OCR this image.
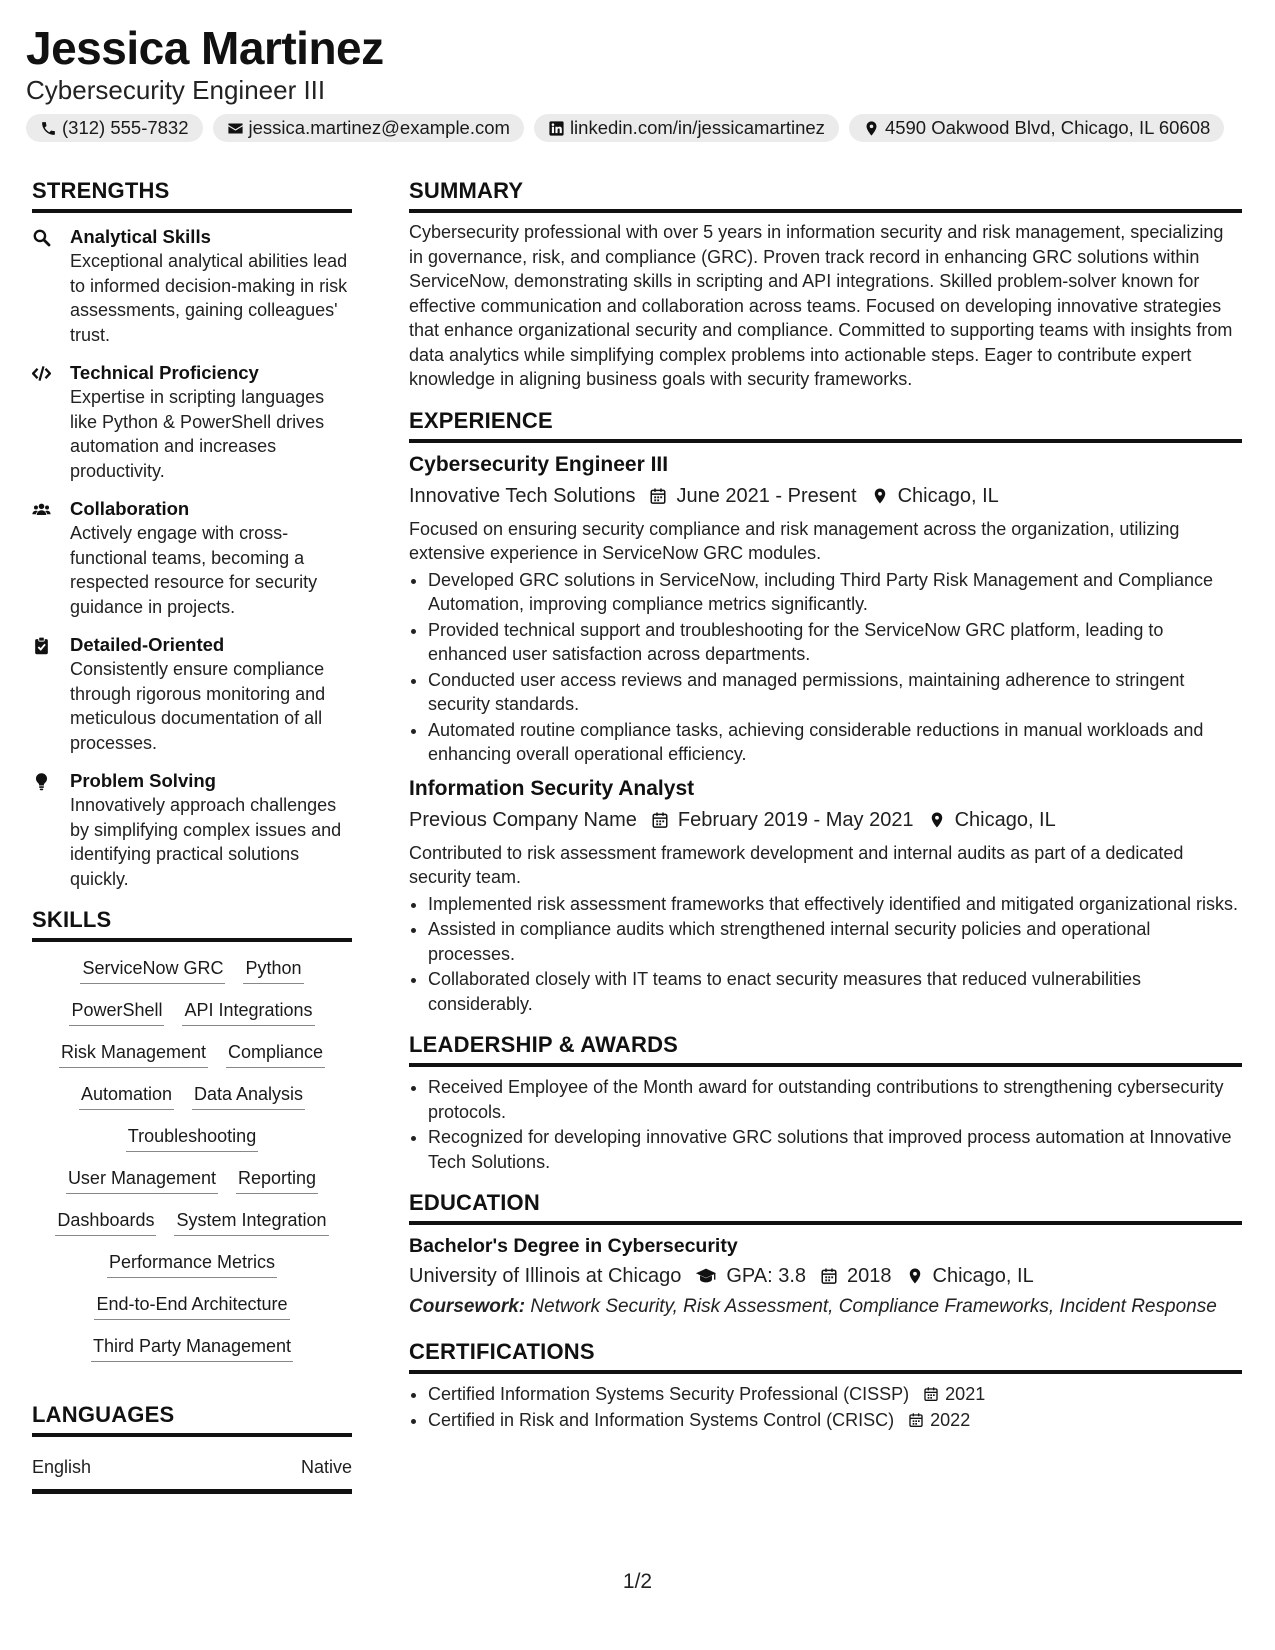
Jessica Martinez
Cybersecurity Engineer III
(312) 555-7832	jessica.martinez@example.com	linkedin.com/in/jessicamartinez	4590 Oakwood Blvd, Chicago, IL 60608
STRENGTHS
Analytical Skills
Exceptional analytical abilities lead to informed decision-making in risk assessments, gaining colleagues' trust.
Technical Proficiency
Expertise in scripting languages like Python & PowerShell drives automation and increases productivity.
Collaboration
Actively engage with cross-functional teams, becoming a respected resource for security guidance in projects.
Detailed-Oriented
Consistently ensure compliance through rigorous monitoring and meticulous documentation of all processes.
Problem Solving
Innovatively approach challenges by simplifying complex issues and identifying practical solutions quickly.
SKILLS
ServiceNow GRC Python
PowerShell API Integrations
Risk Management Compliance
Automation Data Analysis
Troubleshooting
User Management Reporting
Dashboards System Integration
Performance Metrics
End-to-End Architecture
Third Party Management
LANGUAGES
English	Native
SUMMARY
Cybersecurity professional with over 5 years in information security and risk management, specializing in governance, risk, and compliance (GRC). Proven track record in enhancing GRC solutions within ServiceNow, demonstrating skills in scripting and API integrations. Skilled problem-solver known for effective communication and collaboration across teams. Focused on developing innovative strategies that enhance organizational security and compliance. Committed to supporting teams with insights from data analytics while simplifying complex problems into actionable steps. Eager to contribute expert knowledge in aligning business goals with security frameworks.
EXPERIENCE
Cybersecurity Engineer III
Innovative Tech Solutions June 2021 - Present Chicago, IL
Focused on ensuring security compliance and risk management across the organization, utilizing extensive experience in ServiceNow GRC modules.
• Developed GRC solutions in ServiceNow, including Third Party Risk Management and Compliance Automation, improving compliance metrics significantly.
• Provided technical support and troubleshooting for the ServiceNow GRC platform, leading to enhanced user satisfaction across departments.
• Conducted user access reviews and managed permissions, maintaining adherence to stringent security standards.
• Automated routine compliance tasks, achieving considerable reductions in manual workloads and enhancing overall operational efficiency.
Information Security Analyst
Previous Company Name February 2019 - May 2021 Chicago, IL
Contributed to risk assessment framework development and internal audits as part of a dedicated security team.
• Implemented risk assessment frameworks that effectively identified and mitigated organizational risks.
• Assisted in compliance audits which strengthened internal security policies and operational processes.
• Collaborated closely with IT teams to enact security measures that reduced vulnerabilities considerably.
LEADERSHIP & AWARDS
• Received Employee of the Month award for outstanding contributions to strengthening cybersecurity protocols.
• Recognized for developing innovative GRC solutions that improved process automation at Innovative Tech Solutions.
EDUCATION
Bachelor's Degree in Cybersecurity
University of Illinois at Chicago GPA: 3.8 2018 Chicago, IL
Coursework: Network Security, Risk Assessment, Compliance Frameworks, Incident Response
CERTIFICATIONS
• Certified Information Systems Security Professional (CISSP) 2021
• Certified in Risk and Information Systems Control (CRISC) 2022
1/2
